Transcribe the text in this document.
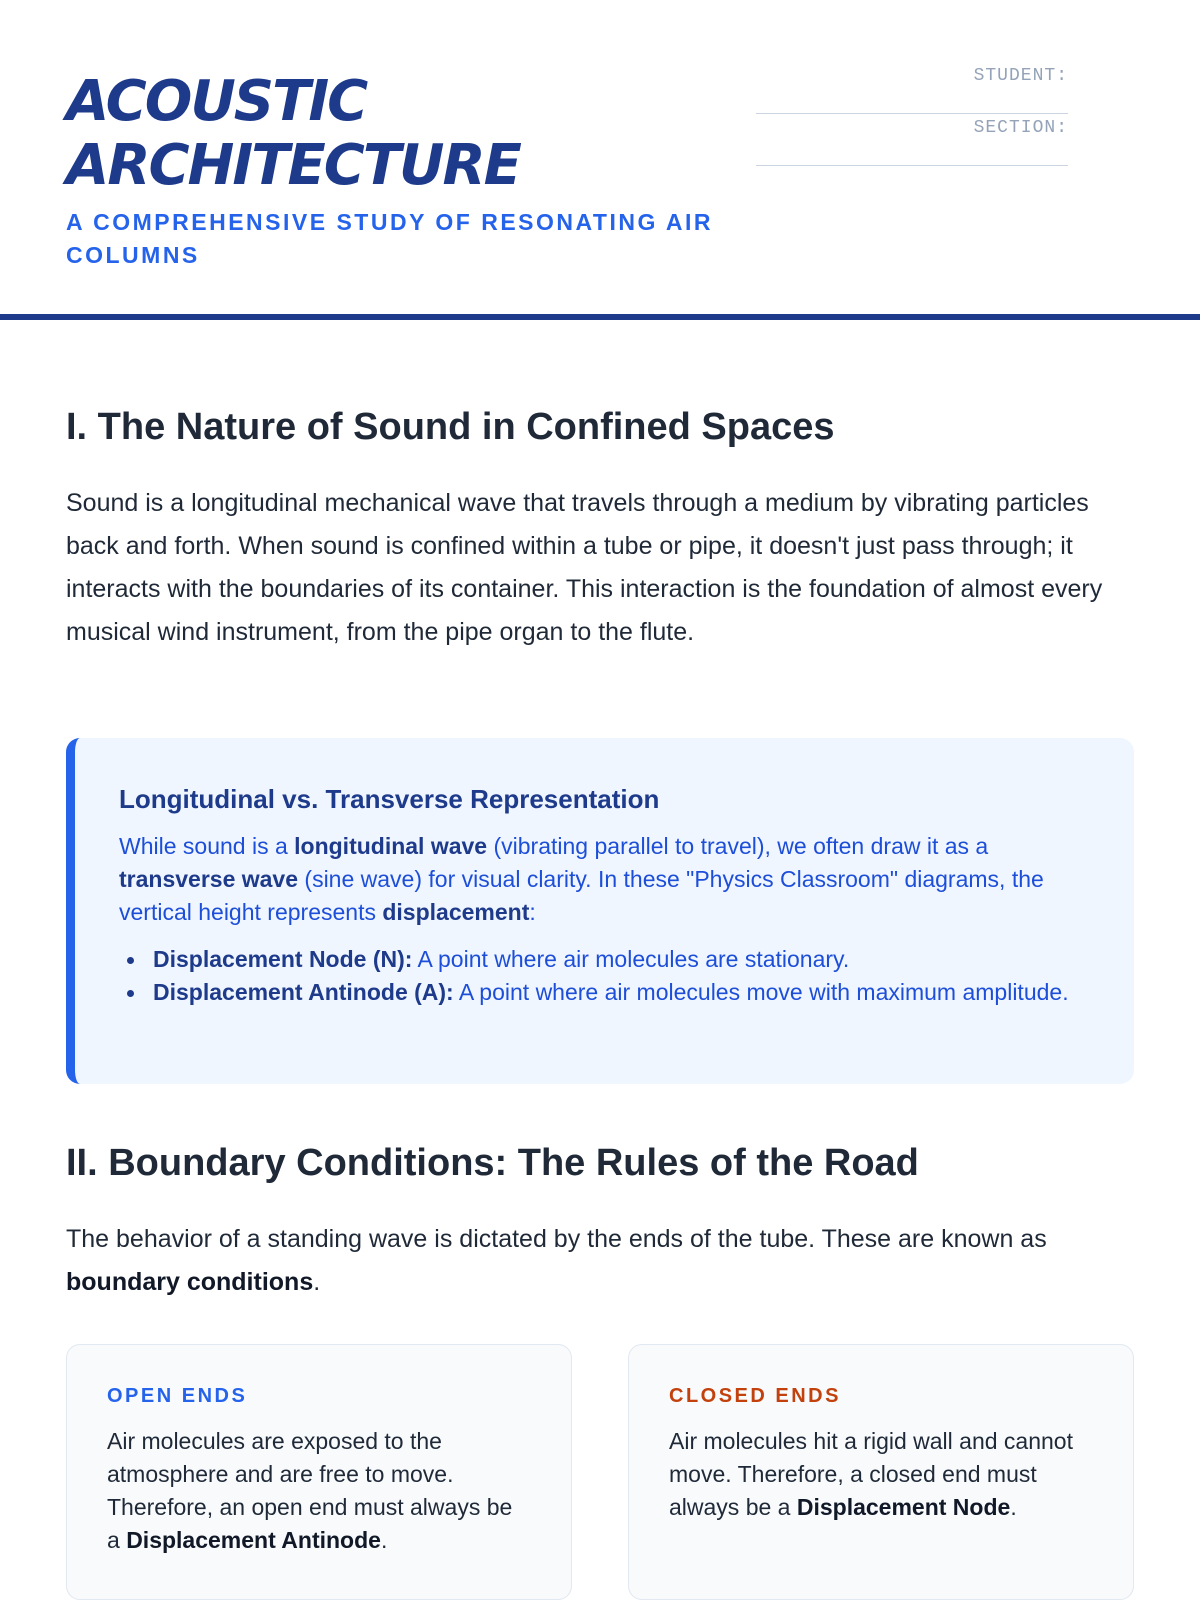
ACOUSTIC
ARCHITECTURE
A COMPREHENSIVE STUDY OF RESONATING AIR
COLUMNS
STUDENT:
SECTION:
I. The Nature of Sound in Confined Spaces

Sound is a longitudinal mechanical wave that travels through a medium by vibrating particles back and forth. When sound is confined within a tube or pipe, it doesn't just pass through; it interacts with the boundaries of its container. This interaction is the foundation of almost every musical wind instrument, from the pipe organ to the flute.

Longitudinal vs. Transverse Representation

While sound is a longitudinal wave (vibrating parallel to travel), we often draw it as a transverse wave (sine wave) for visual clarity. In these "Physics Classroom" diagrams, the vertical height represents displacement:

Displacement Node (N): A point where air molecules are stationary.
Displacement Antinode (A): A point where air molecules move with maximum amplitude.
II. Boundary Conditions: The Rules of the Road

The behavior of a standing wave is dictated by the ends of the tube. These are known as boundary conditions.

OPEN ENDS

Air molecules are exposed to the atmosphere and are free to move. Therefore, an open end must always be a Displacement Antinode.

CLOSED ENDS

Air molecules hit a rigid wall and cannot move. Therefore, a closed end must always be a Displacement Node.
